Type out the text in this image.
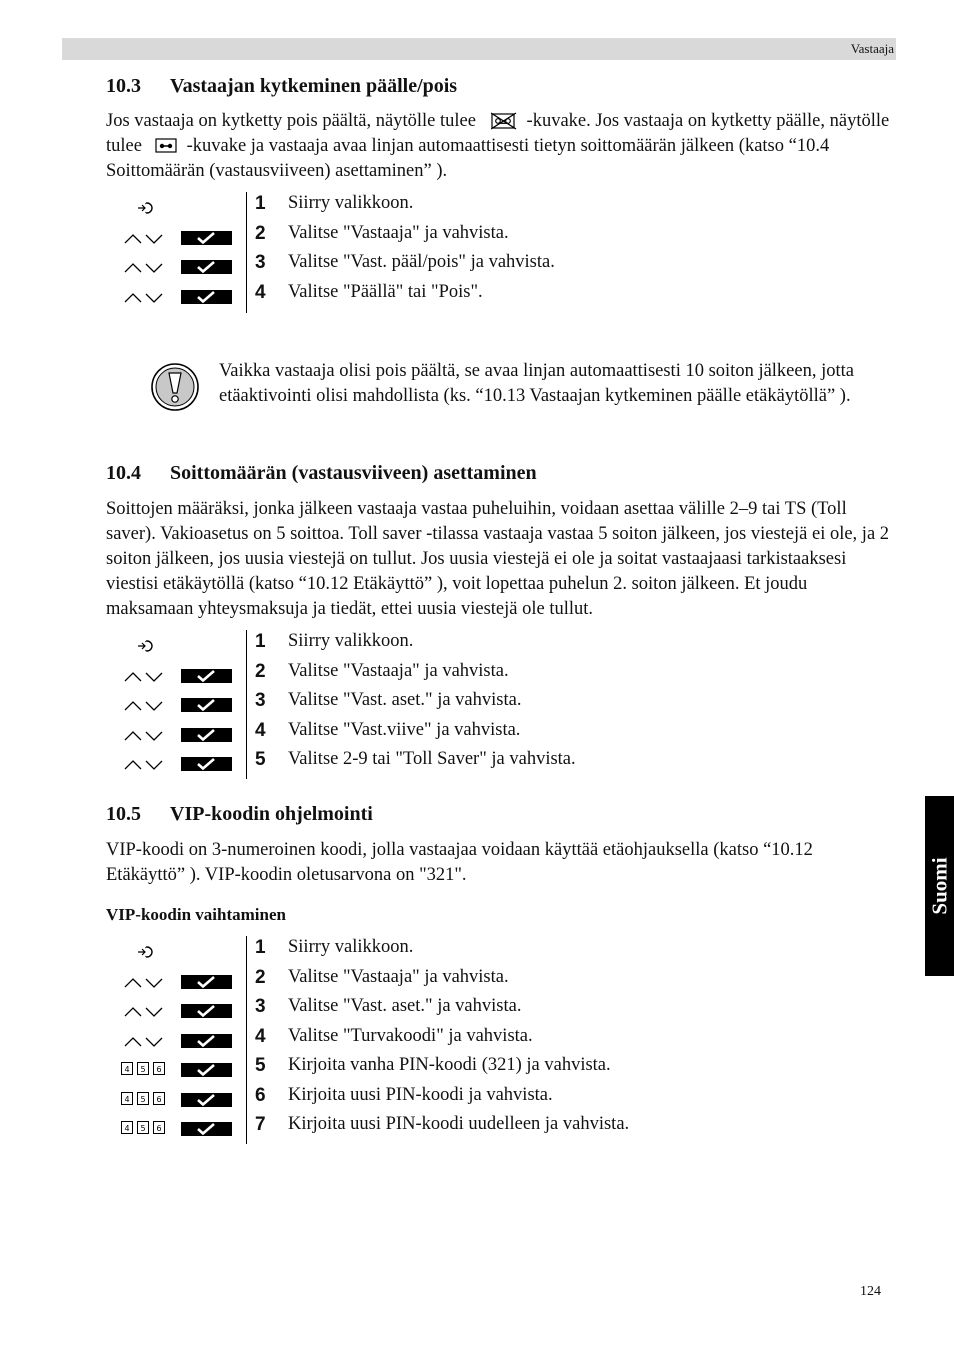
Vastaaja
Suomi
10.3 Vastaajan kytkeminen päälle/pois

Jos vastaaja on kytketty pois päältä, näytölle tulee	-kuvake. Jos vastaaja on kytketty päälle, näytölle tulee -kuvake ja vastaaja avaa linjan automaattisesti tietyn soittomäärän jälkeen (katso “10.4 Soittomäärän (vastausviiveen) asettaminen” ).

1 Siirry valikkoon.
2 Valitse "Vastaaja" ja vahvista.
3 Valitse "Vast. pääl/pois" ja vahvista.
4 Valitse "Päällä" tai "Pois".

Vaikka vastaaja olisi pois päältä, se avaa linjan automaattisesti 10 soiton jälkeen, jotta etäaktivointi olisi mahdollista (ks. “10.13 Vastaajan kytkeminen päälle etäkäytöllä” ).

10.4 Soittomäärän (vastausviiveen) asettaminen

Soittojen määräksi, jonka jälkeen vastaaja vastaa puheluihin, voidaan asettaa välille 2–9 tai TS (Toll saver). Vakioasetus on 5 soittoa. Toll saver -tilassa vastaaja vastaa 5 soiton jälkeen, jos viestejä ei ole, ja 2 soiton jälkeen, jos uusia viestejä on tullut. Jos uusia viestejä ei ole ja soitat vastaajaasi tarkistaaksesi viestisi etäkäytöllä (katso “10.12 Etäkäyttö” ), voit lopettaa puhelun 2. soiton jälkeen. Et joudu maksamaan yhteysmaksuja ja tiedät, ettei uusia viestejä ole tullut.

1 Siirry valikkoon.
2 Valitse "Vastaaja" ja vahvista.
3 Valitse "Vast. aset." ja vahvista.
4 Valitse "Vast.viive" ja vahvista.
5 Valitse 2-9 tai "Toll Saver" ja vahvista.
10.5 VIP-koodin ohjelmointi

VIP-koodi on 3-numeroinen koodi, jolla vastaajaa voidaan käyttää etäohjauksella (katso “10.12 Etäkäyttö” ). VIP-koodin oletusarvona on "321".

VIP-koodin vaihtaminen
1 Siirry valikkoon.
2 Valitse "Vastaaja" ja vahvista.
3 Valitse "Vast. aset." ja vahvista.
4 Valitse "Turvakoodi" ja vahvista.
4 5 6	5 Kirjoita vanha PIN-koodi (321) ja vahvista.
4 5 6	6 Kirjoita uusi PIN-koodi ja vahvista.
4 5 6	7 Kirjoita uusi PIN-koodi uudelleen ja vahvista.
124
